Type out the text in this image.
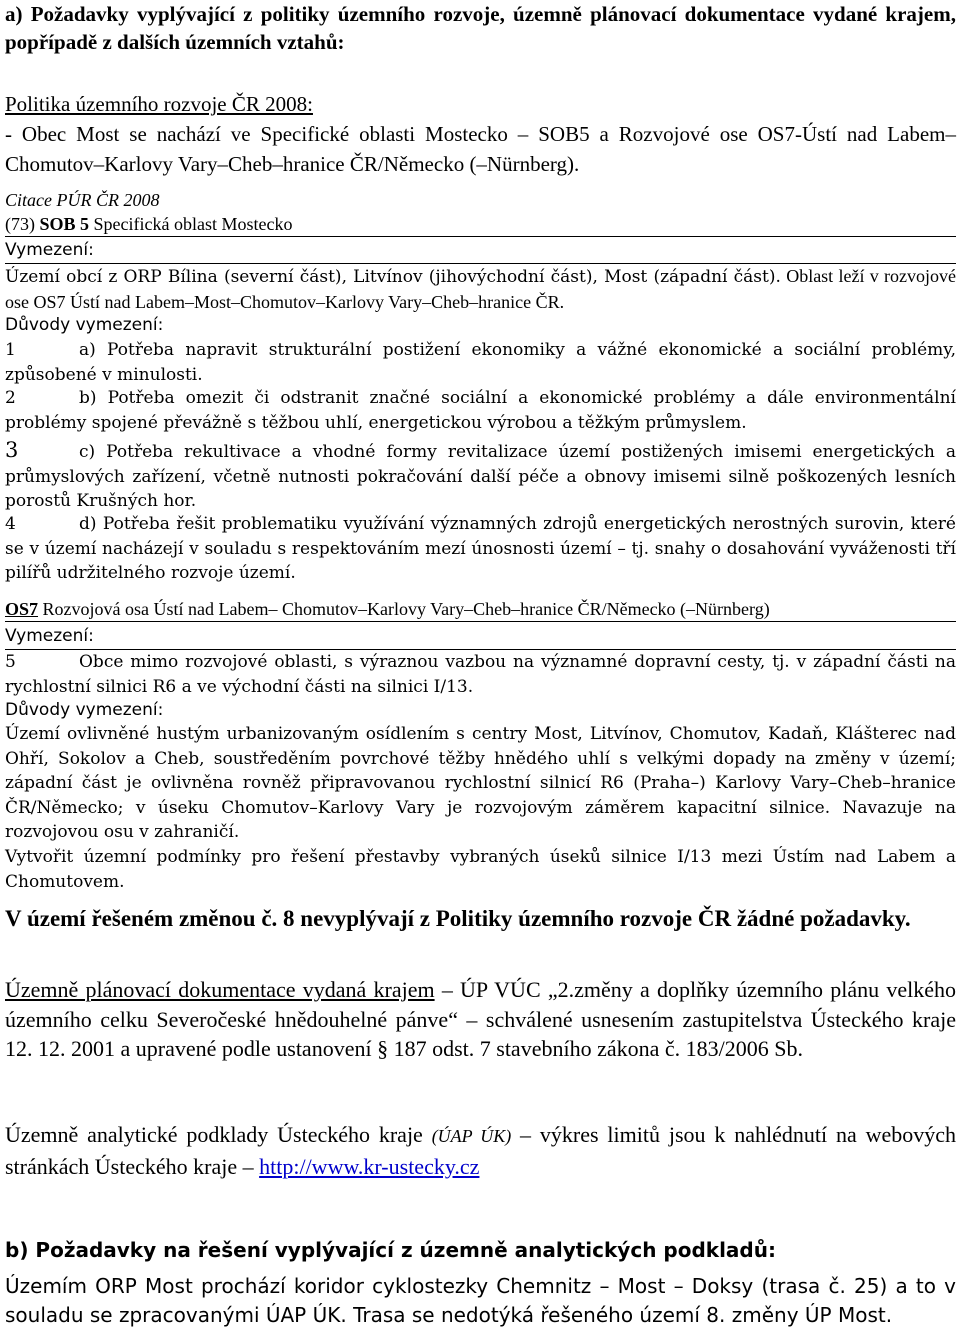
a) Požadavky vyplývající z politiky územního rozvoje, územně plánovací dokumentace vydané krajem, popřípadě z dalších územních vztahů:
Politika územního rozvoje ČR 2008:
- Obec Most se nachází ve Specifické oblasti Mostecko – SOB5 a Rozvojové ose OS7-Ústí nad Labem– Chomutov–Karlovy Vary–Cheb–hranice ČR/Německo (–Nürnberg).
Citace PÚR ČR 2008
(73) SOB 5 Specifická oblast Mostecko
Vymezení:
Území obcí z ORP Bílina (severní část), Litvínov (jihovýchodní část), Most (západní část). Oblast leží v rozvojové ose OS7 Ústí nad Labem–Most–Chomutov–Karlovy Vary–Cheb–hranice ČR.
Důvody vymezení:
1	a) Potřeba napravit strukturální postižení ekonomiky a vážné ekonomické a sociální problémy, způsobené v minulosti.
2	b) Potřeba omezit či odstranit značné sociální a ekonomické problémy a dále environmentální problémy spojené převážně s těžbou uhlí, energetickou výrobou a těžkým průmyslem.
3	c) Potřeba rekultivace a vhodné formy revitalizace území postižených imisemi energetických a průmyslových zařízení, včetně nutnosti pokračování další péče a obnovy imisemi silně poškozených lesních porostů Krušných hor.
4	d) Potřeba řešit problematiku využívání významných zdrojů energetických nerostných surovin, které se v území nacházejí v souladu s respektováním mezí únosnosti území – tj. snahy o dosahování vyváženosti tří pilířů udržitelného rozvoje území.
OS7 Rozvojová osa Ústí nad Labem– Chomutov–Karlovy Vary–Cheb–hranice ČR/Německo (–Nürnberg)
Vymezení:
5	Obce mimo rozvojové oblasti, s výraznou vazbou na významné dopravní cesty, tj. v západní části na rychlostní silnici R6 a ve východní části na silnici I/13.
Důvody vymezení:
Území ovlivněné hustým urbanizovaným osídlením s centry Most, Litvínov, Chomutov, Kadaň, Klášterec nad Ohří, Sokolov a Cheb, soustředěním povrchové těžby hnědého uhlí s velkými dopady na změny v území; západní část je ovlivněna rovněž připravovanou rychlostní silnicí R6 (Praha–) Karlovy Vary–Cheb–hranice ČR/Německo; v úseku Chomutov–Karlovy Vary je rozvojovým záměrem kapacitní silnice. Navazuje na rozvojovou osu v zahraničí.
Vytvořit územní podmínky pro řešení přestavby vybraných úseků silnice I/13 mezi Ústím nad Labem a Chomutovem.
V území řešeném změnou č. 8 nevyplývají z Politiky územního rozvoje ČR žádné požadavky.
Územně plánovací dokumentace vydaná krajem – ÚP VÚC „2.změny a doplňky územního plánu velkého územního celku Severočeské hnědouhelné pánve“ – schválené usnesením zastupitelstva Ústeckého kraje 12. 12. 2001 a upravené podle ustanovení § 187 odst. 7 stavebního zákona č. 183/2006 Sb.
Územně analytické podklady Ústeckého kraje (ÚAP ÚK) – výkres limitů jsou k nahlédnutí na webových stránkách Ústeckého kraje – http://www.kr-ustecky.cz
b) Požadavky na řešení vyplývající z územně analytických podkladů:
Územím ORP Most prochází koridor cyklostezky Chemnitz – Most – Doksy (trasa č. 25) a to v souladu se zpracovanými ÚAP ÚK. Trasa se nedotýká řešeného území 8. změny ÚP Most.
